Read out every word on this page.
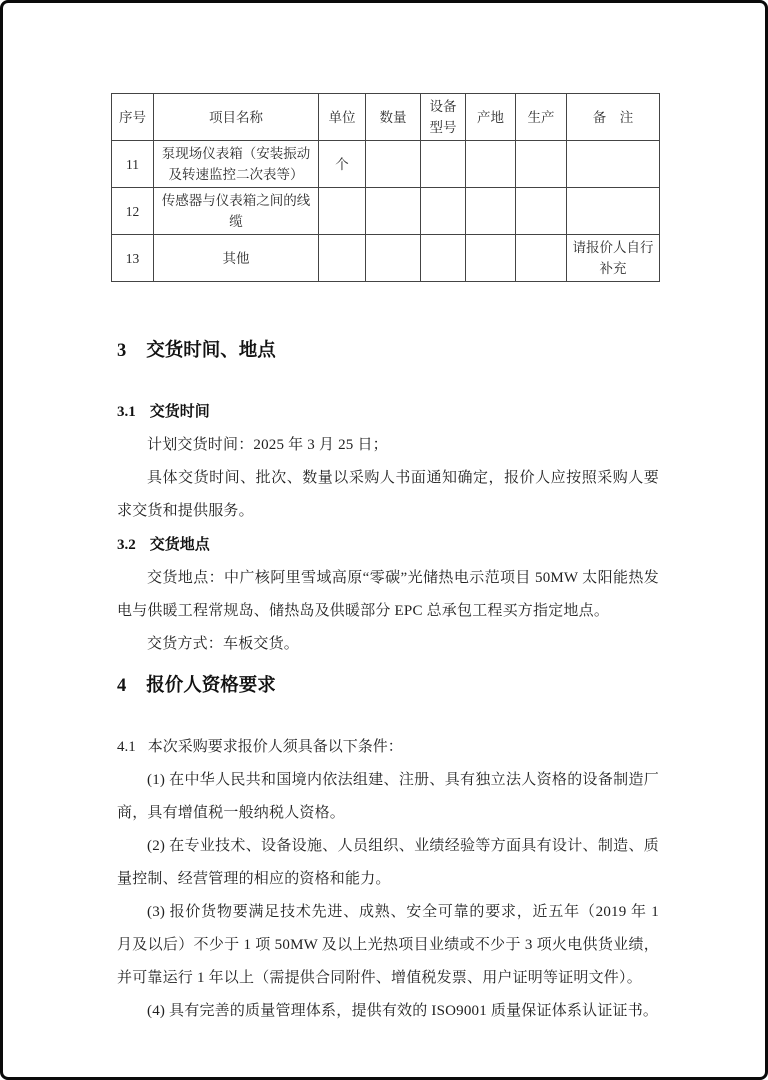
序号	项目名称	单位	数量	设备型号	产地	生产	备　注
11	泵现场仪表箱（安装振动及转速监控二次表等）	个					
12	传感器与仪表箱之间的线缆						
13	其他						请报价人自行补充
3 交货时间、地点
3.1 交货时间

计划交货时间：2025 年 3 月 25 日；

具体交货时间、批次、数量以采购人书面通知确定，报价人应按照采购人要求交货和提供服务。

3.2 交货地点

交货地点：中广核阿里雪域高原“零碳”光储热电示范项目 50MW 太阳能热发电与供暖工程常规岛、储热岛及供暖部分 EPC 总承包工程买方指定地点。

交货方式：车板交货。

4 报价人资格要求
4.1 本次采购要求报价人须具备以下条件：

(1) 在中华人民共和国境内依法组建、注册、具有独立法人资格的设备制造厂商，具有增值税一般纳税人资格。

(2) 在专业技术、设备设施、人员组织、业绩经验等方面具有设计、制造、质量控制、经营管理的相应的资格和能力。

(3) 报价货物要满足技术先进、成熟、安全可靠的要求，近五年（2019 年 1 月及以后）不少于 1 项 50MW 及以上光热项目业绩或不少于 3 项火电供货业绩，并可靠运行 1 年以上（需提供合同附件、增值税发票、用户证明等证明文件）。

(4) 具有完善的质量管理体系，提供有效的 ISO9001 质量保证体系认证证书。
